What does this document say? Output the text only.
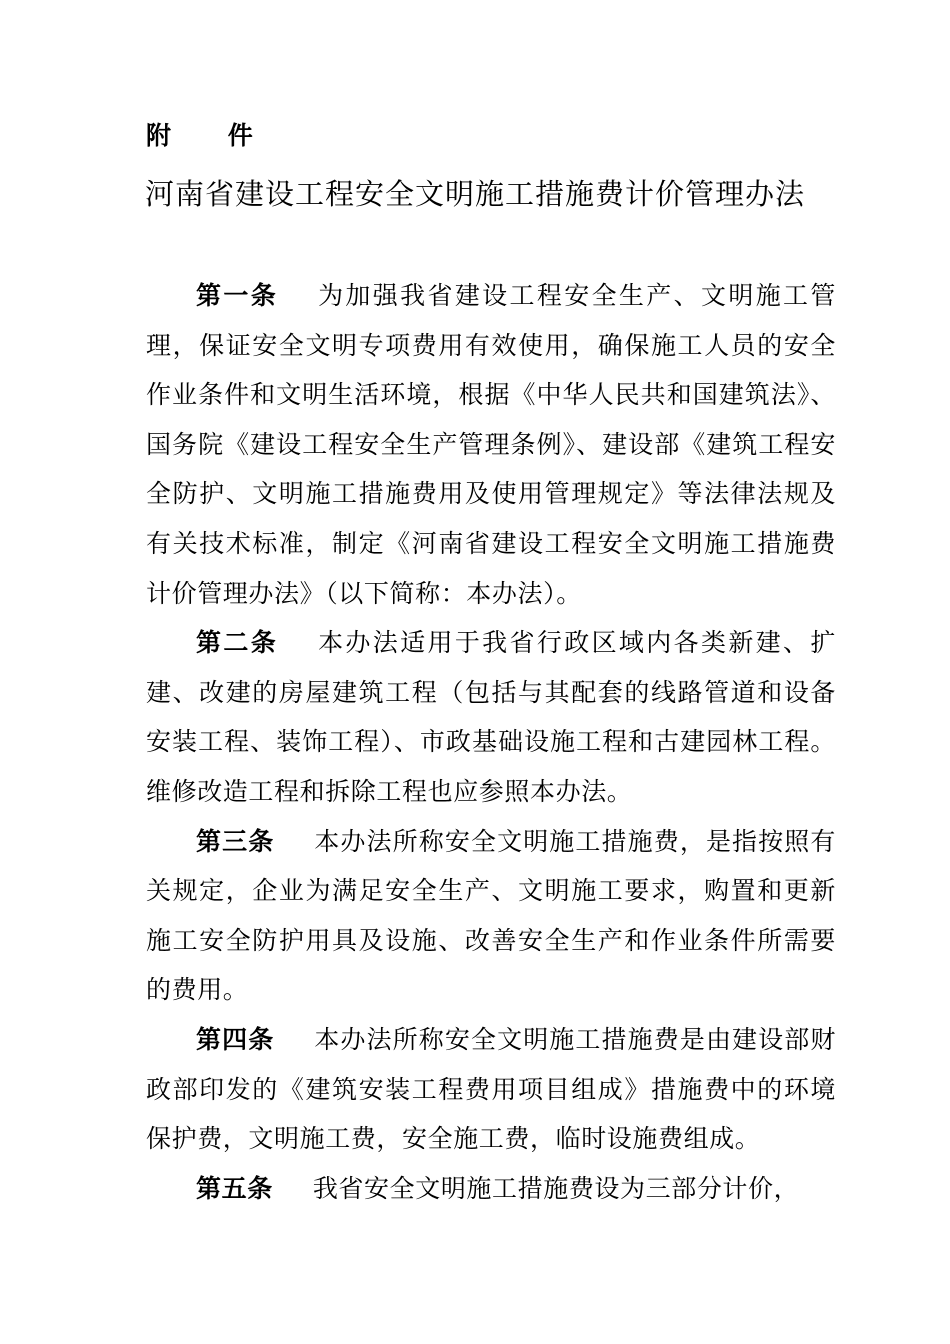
附 件
河南省建设工程安全文明施工措施费计价管理办法

第一条 为加强我省建设工程安全生产、文明施工管理，保证安全文明专项费用有效使用，确保施工人员的安全作业条件和文明生活环境，根据《中华人民共和国建筑法》、国务院《建设工程安全生产管理条例》、建设部《建筑工程安全防护、文明施工措施费用及使用管理规定》等法律法规及有关技术标准，制定《河南省建设工程安全文明施工措施费计价管理办法》（以下简称：本办法）。

第二条 本办法适用于我省行政区域内各类新建、扩建、改建的房屋建筑工程（包括与其配套的线路管道和设备安装工程、装饰工程）、市政基础设施工程和古建园林工程。维修改造工程和拆除工程也应参照本办法。

第三条 本办法所称安全文明施工措施费，是指按照有关规定，企业为满足安全生产、文明施工要求，购置和更新施工安全防护用具及设施、改善安全生产和作业条件所需要的费用。

第四条 本办法所称安全文明施工措施费是由建设部财政部印发的《建筑安装工程费用项目组成》措施费中的环境保护费，文明施工费，安全施工费，临时设施费组成。

第五条 我省安全文明施工措施费设为三部分计价，
